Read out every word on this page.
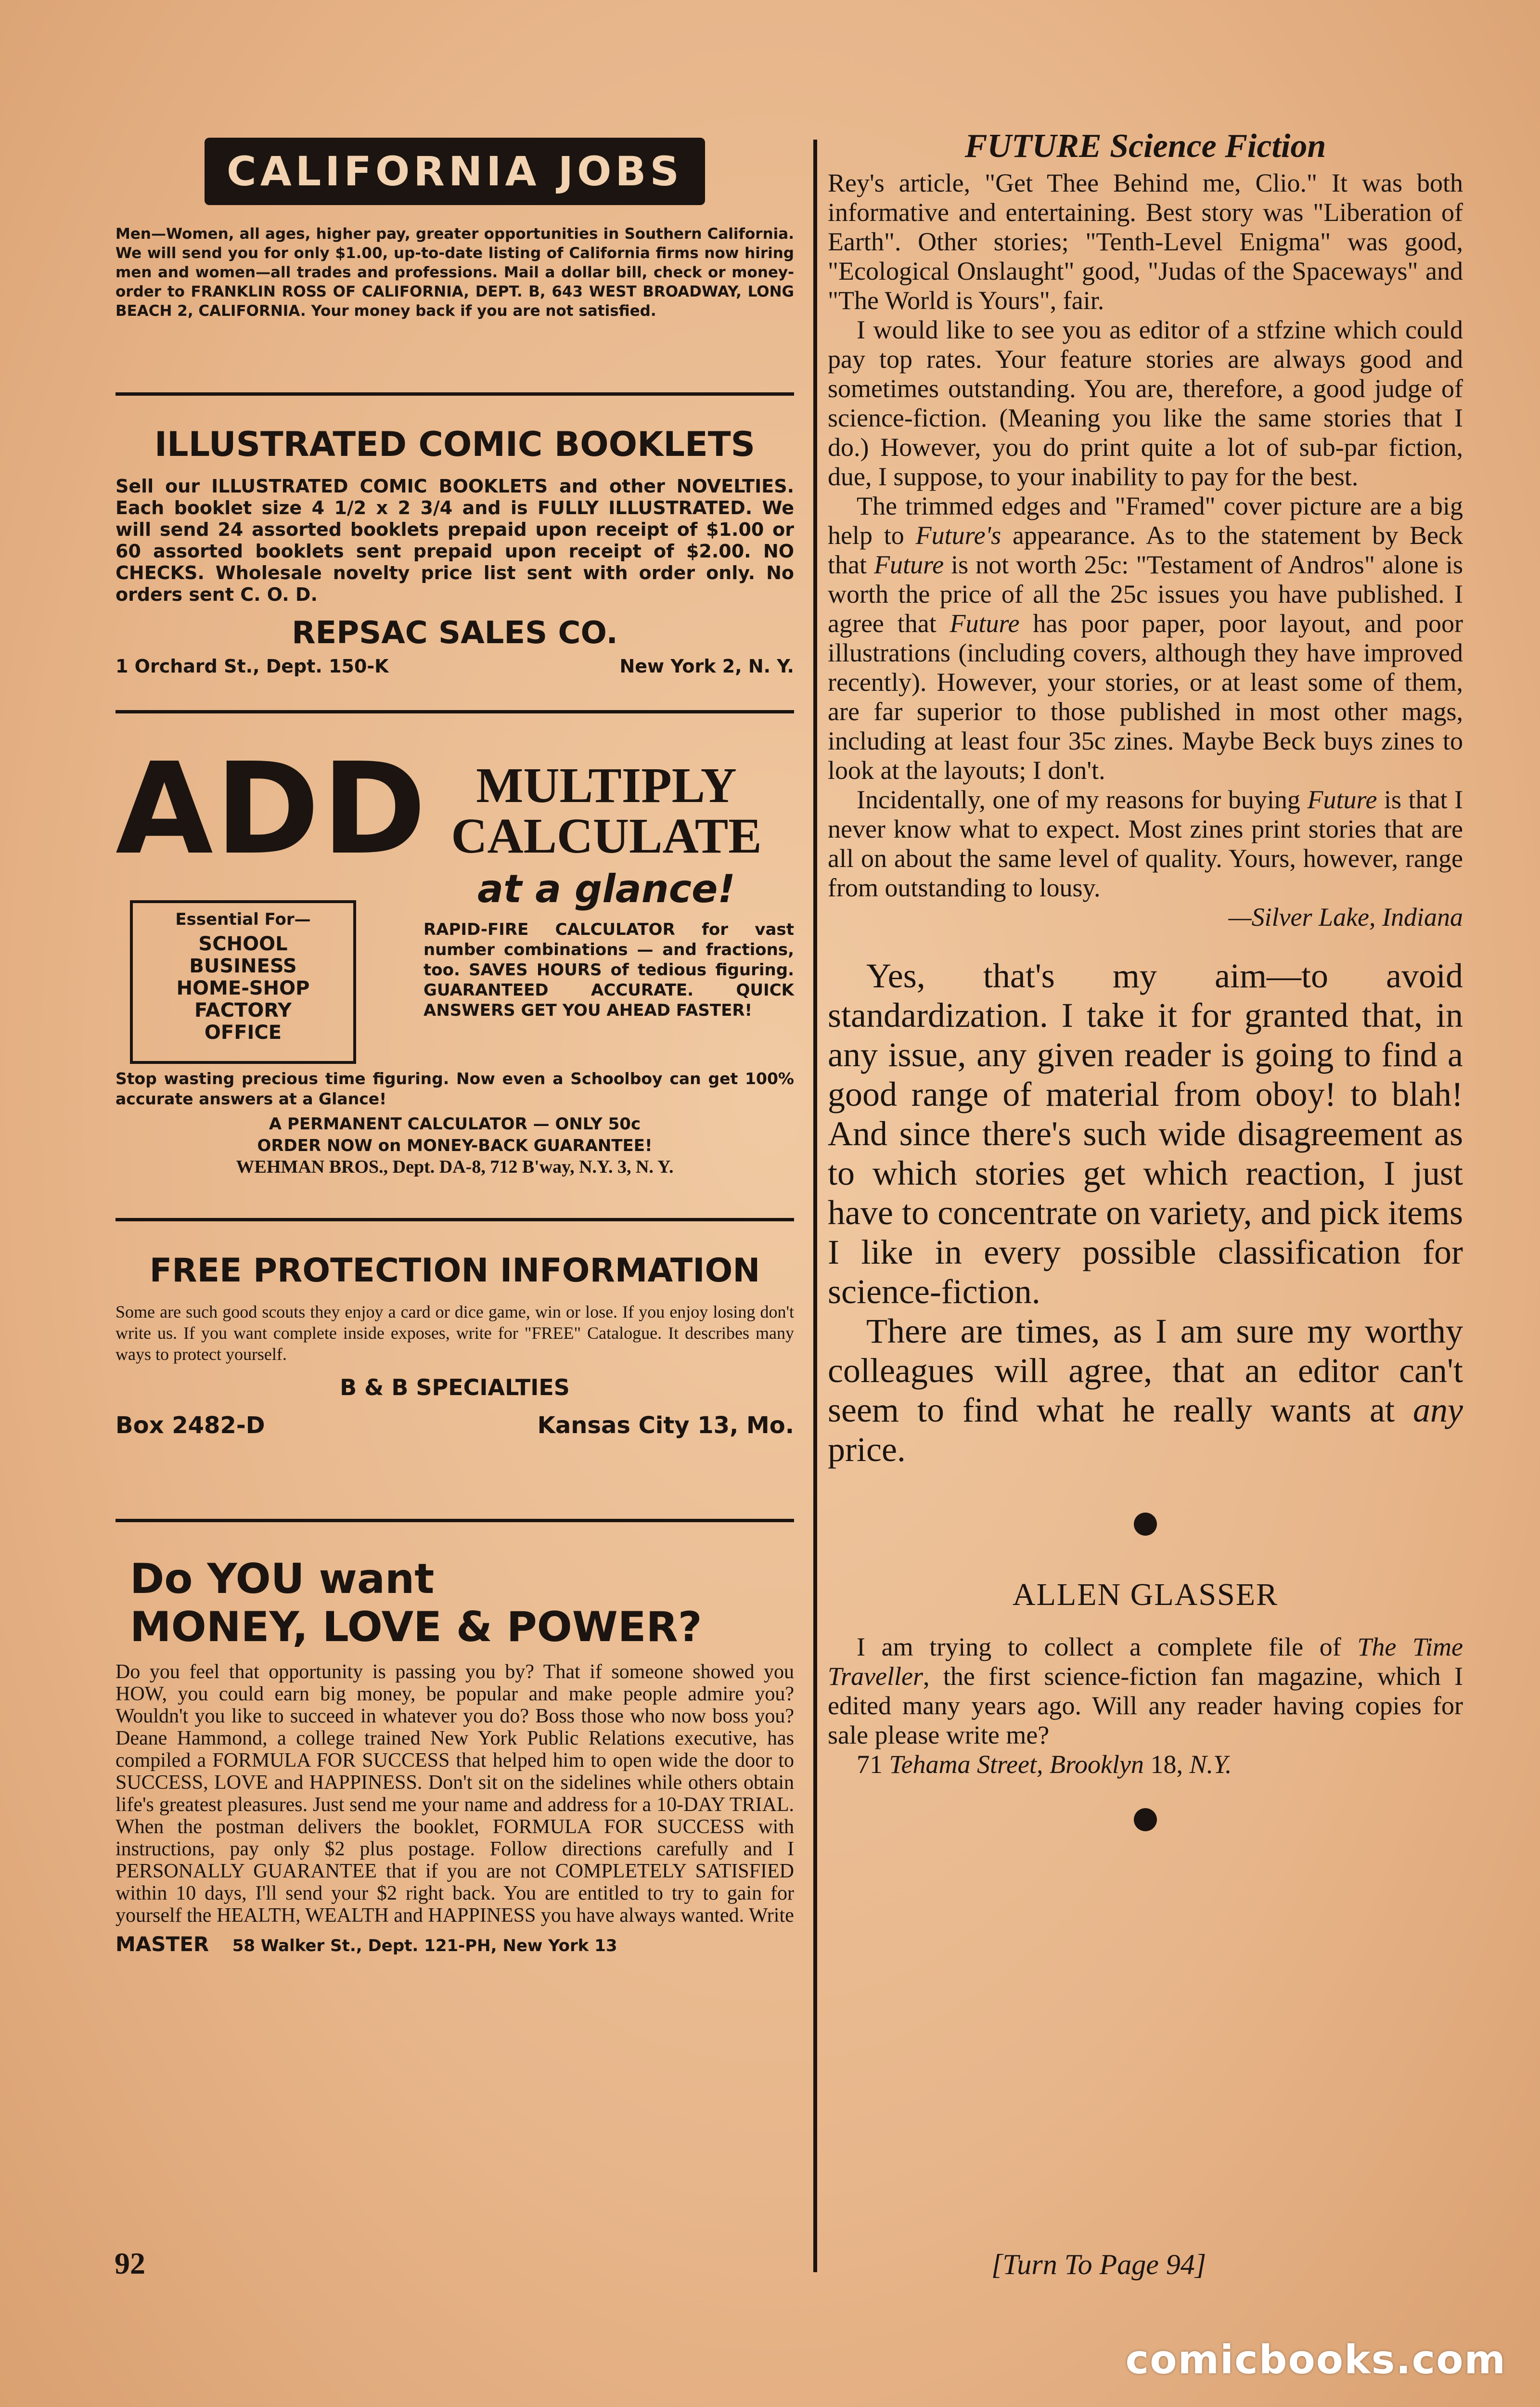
CALIFORNIA JOBS

Men—Women, all ages, higher pay, greater opportunities in Southern California. We will send you for only $1.00, up-to-date listing of California firms now hiring men and women—all trades and professions. Mail a dollar bill, check or money-order to FRANKLIN ROSS OF CALIFORNIA, DEPT. B, 643 WEST BROADWAY, LONG BEACH 2, CALIFORNIA. Your money back if you are not satisfied.

ILLUSTRATED COMIC BOOKLETS

Sell our ILLUSTRATED COMIC BOOKLETS and other NOVELTIES. Each booklet size 4 1/2 x 2 3/4 and is FULLY ILLUSTRATED. We will send 24 assorted booklets prepaid upon receipt of $1.00 or 60 assorted booklets sent prepaid upon receipt of $2.00. NO CHECKS. Wholesale novelty price list sent with order only. No orders sent C. O. D.

REPSAC SALES CO.
1 Orchard St., Dept. 150-K	New York 2, N. Y.
ADD MULTIPLY
CALCULATE
at a glance!
Essential For—
SCHOOL
BUSINESS
HOME-SHOP
FACTORY
OFFICE

RAPID-FIRE CALCULATOR for vast number combinations — and fractions, too. SAVES HOURS of tedious figuring. GUARANTEED ACCURATE. QUICK ANSWERS GET YOU AHEAD FASTER!

Stop wasting precious time figuring. Now even a Schoolboy can get 100% accurate answers at a Glance!

A PERMANENT CALCULATOR — ONLY 50c
ORDER NOW on MONEY-BACK GUARANTEE!
WEHMAN BROS., Dept. DA-8, 712 B'way, N.Y. 3, N. Y.
FREE PROTECTION INFORMATION

Some are such good scouts they enjoy a card or dice game, win or lose. If you enjoy losing don't write us. If you want complete inside exposes, write for "FREE" Catalogue. It describes many ways to protect yourself.

B & B SPECIALTIES
Box 2482-D	Kansas City 13, Mo.
Do YOU want
MONEY, LOVE & POWER?

Do you feel that opportunity is passing you by? That if someone showed you HOW, you could earn big money, be popular and make people admire you? Wouldn't you like to succeed in whatever you do? Boss those who now boss you? Deane Hammond, a college trained New York Public Relations executive, has compiled a FORMULA FOR SUCCESS that helped him to open wide the door to SUCCESS, LOVE and HAPPINESS. Don't sit on the sidelines while others obtain life's greatest pleasures. Just send me your name and address for a 10-DAY TRIAL. When the postman delivers the booklet, FORMULA FOR SUCCESS with instructions, pay only $2 plus postage. Follow directions carefully and I PERSONALLY GUARANTEE that if you are not COMPLETELY SATISFIED within 10 days, I'll send your $2 right back. You are entitled to try to gain for yourself the HEALTH, WEALTH and HAPPINESS you have always wanted. Write

MASTER 58 Walker St., Dept. 121-PH, New York 13
FUTURE Science Fiction

Rey's article, "Get Thee Behind me, Clio." It was both informative and entertaining. Best story was "Liberation of Earth". Other stories; "Tenth-Level Enigma" was good, "Ecological Onslaught" good, "Judas of the Spaceways" and "The World is Yours", fair.

I would like to see you as editor of a stfzine which could pay top rates. Your feature stories are always good and sometimes outstanding. You are, therefore, a good judge of science-fiction. (Meaning you like the same stories that I do.) However, you do print quite a lot of sub-par fiction, due, I suppose, to your inability to pay for the best.

The trimmed edges and "Framed" cover picture are a big help to Future's appearance. As to the statement by Beck that Future is not worth 25c: "Testament of Andros" alone is worth the price of all the 25c issues you have published. I agree that Future has poor paper, poor layout, and poor illustrations (including covers, although they have improved recently). However, your stories, or at least some of them, are far superior to those published in most other mags, including at least four 35c zines. Maybe Beck buys zines to look at the layouts; I don't.

Incidentally, one of my reasons for buying Future is that I never know what to expect. Most zines print stories that are all on about the same level of quality. Yours, however, range from outstanding to lousy.

—Silver Lake, Indiana

Yes, that's my aim—to avoid standardization. I take it for granted that, in any issue, any given reader is going to find a good range of material from oboy! to blah! And since there's such wide disagreement as to which stories get which reaction, I just have to concentrate on variety, and pick items I like in every possible classification for science-fiction.

There are times, as I am sure my worthy colleagues will agree, that an editor can't seem to find what he really wants at any price.

ALLEN GLASSER

I am trying to collect a complete file of The Time Traveller, the first science-fiction fan magazine, which I edited many years ago. Will any reader having copies for sale please write me?

71 Tehama Street, Brooklyn 18, N.Y.

92	[Turn To Page 94]
comicbooks.com
